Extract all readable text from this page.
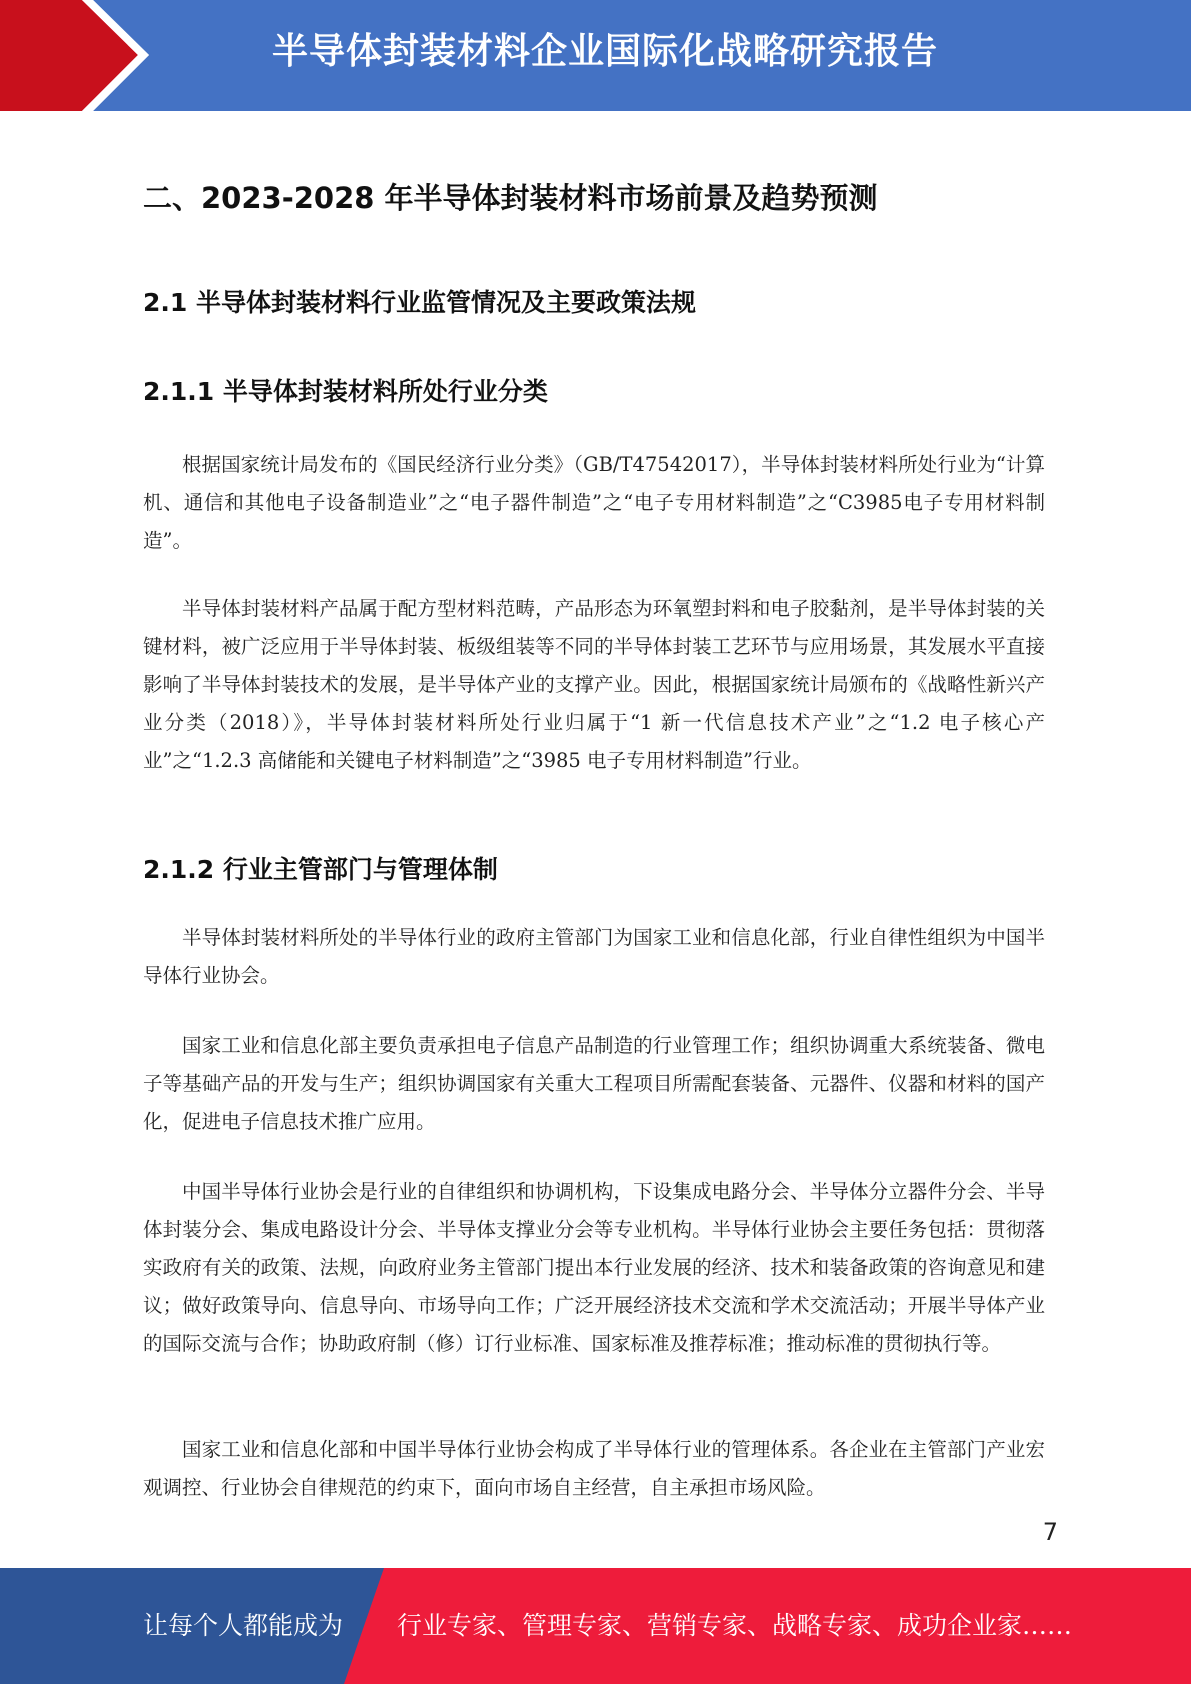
半导体封装材料企业国际化战略研究报告
二、2023-2028 年半导体封装材料市场前景及趋势预测
2.1 半导体封装材料行业监管情况及主要政策法规
2.1.1 半导体封装材料所处行业分类
根据国家统计局发布的《国民经济行业分类》（GB/T47542017），半导体封装材料所处行业为“计算机、通信和其他电子设备制造业”之“电子器件制造”之“电子专用材料制造”之“C3985电子专用材料制造”。
半导体封装材料产品属于配方型材料范畴，产品形态为环氧塑封料和电子胶黏剂，是半导体封装的关键材料，被广泛应用于半导体封装、板级组装等不同的半导体封装工艺环节与应用场景，其发展水平直接影响了半导体封装技术的发展，是半导体产业的支撑产业。因此，根据国家统计局颁布的《战略性新兴产业分类（2018）》，半导体封装材料所处行业归属于“1 新一代信息技术产业”之“1.2 电子核心产业”之“1.2.3 高储能和关键电子材料制造”之“3985 电子专用材料制造”行业。
2.1.2 行业主管部门与管理体制
半导体封装材料所处的半导体行业的政府主管部门为国家工业和信息化部，行业自律性组织为中国半导体行业协会。
国家工业和信息化部主要负责承担电子信息产品制造的行业管理工作；组织协调重大系统装备、微电子等基础产品的开发与生产；组织协调国家有关重大工程项目所需配套装备、元器件、仪器和材料的国产化，促进电子信息技术推广应用。
中国半导体行业协会是行业的自律组织和协调机构，下设集成电路分会、半导体分立器件分会、半导体封装分会、集成电路设计分会、半导体支撑业分会等专业机构。半导体行业协会主要任务包括：贯彻落实政府有关的政策、法规，向政府业务主管部门提出本行业发展的经济、技术和装备政策的咨询意见和建议；做好政策导向、信息导向、市场导向工作；广泛开展经济技术交流和学术交流活动；开展半导体产业的国际交流与合作；协助政府制（修）订行业标准、国家标准及推荐标准；推动标准的贯彻执行等。
国家工业和信息化部和中国半导体行业协会构成了半导体行业的管理体系。各企业在主管部门产业宏观调控、行业协会自律规范的约束下，面向市场自主经营，自主承担市场风险。
7
让每个人都能成为 行业专家、管理专家、营销专家、战略专家、成功企业家……
